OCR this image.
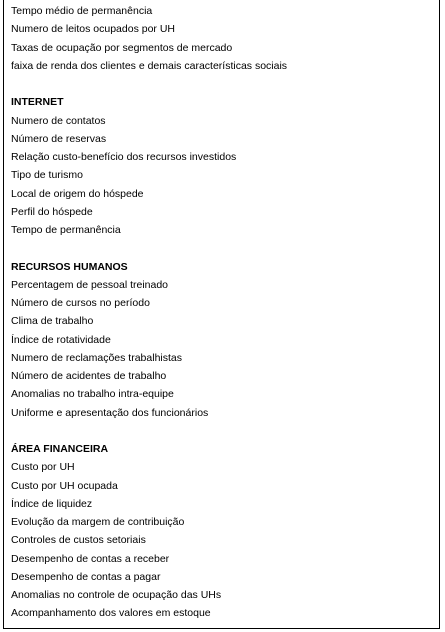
Tempo médio de permanência
Numero de leitos ocupados por UH
Taxas de ocupação por segmentos de mercado
faixa de renda dos clientes e demais características sociais
INTERNET
Numero de contatos
Número de reservas
Relação custo-benefício dos recursos investidos
Tipo de turismo
Local de origem do hóspede
Perfil do hóspede
Tempo de permanência
RECURSOS HUMANOS
Percentagem de pessoal treinado
Número de cursos no período
Clima de trabalho
Índice de rotatividade
Numero de reclamações trabalhistas
Número de acidentes de trabalho
Anomalias no trabalho intra-equipe
Uniforme e apresentação dos funcionários
ÁREA FINANCEIRA
Custo por UH
Custo por UH ocupada
Índice de liquidez
Evolução da margem de contribuição
Controles de custos setoriais
Desempenho de contas a receber
Desempenho de contas a pagar
Anomalias no controle de ocupação das UHs
Acompanhamento dos valores em estoque
